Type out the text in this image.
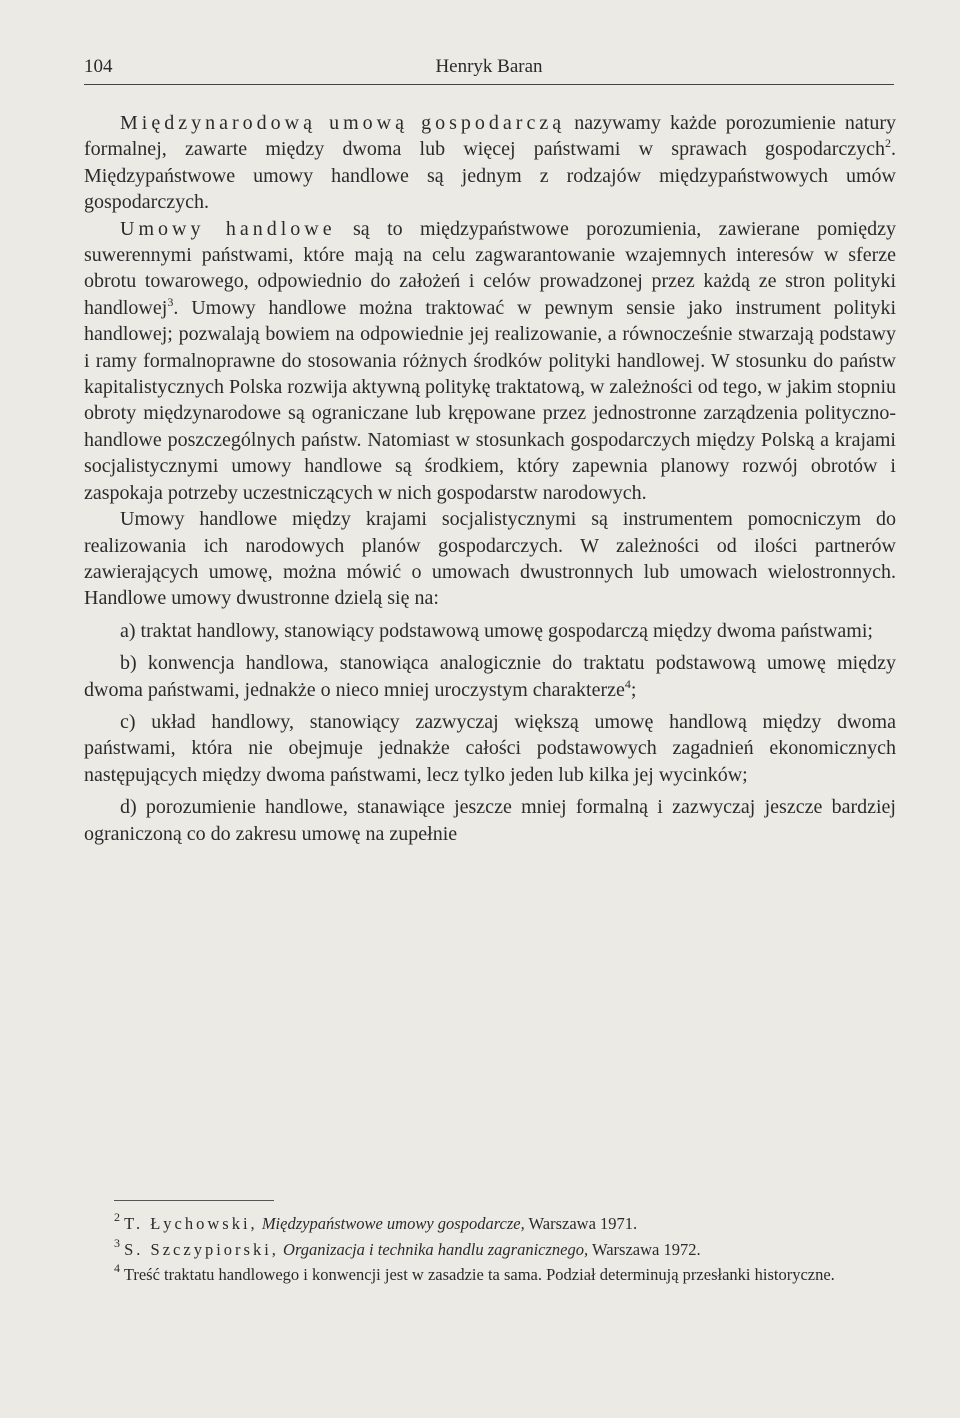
104	Henryk Baran

Międzynarodową umową gospodarczą nazywamy każde porozumienie natury formalnej, zawarte między dwoma lub więcej państwami w sprawach gospodarczych$^2$. Międzypaństwowe umowy handlowe są jednym z rodzajów międzypaństwowych umów gospodarczych.

Umowy handlowe są to międzypaństwowe porozumienia, zawierane pomiędzy suwerennymi państwami, które mają na celu zagwarantowanie wzajemnych interesów w sferze obrotu towarowego, odpowiednio do założeń i celów prowadzonej przez każdą ze stron polityki handlowej$^3$. Umowy handlowe można traktować w pewnym sensie jako instrument polityki handlowej; pozwalają bowiem na odpowiednie jej realizowanie, a równocześnie stwarzają podstawy i ramy formalnoprawne do stosowania różnych środków polityki handlowej. W stosunku do państw kapitalistycznych Polska rozwija aktywną politykę traktatową, w zależności od tego, w jakim stopniu obroty międzynarodowe są ograniczane lub krępowane przez jednostronne zarządzenia polityczno-handlowe poszczególnych państw. Natomiast w stosunkach gospodarczych między Polską a krajami socjalistycznymi umowy handlowe są środkiem, który zapewnia planowy rozwój obrotów i zaspokaja potrzeby uczestniczących w nich gospodarstw narodowych.

Umowy handlowe między krajami socjalistycznymi są instrumentem pomocniczym do realizowania ich narodowych planów gospodarczych. W zależności od ilości partnerów zawierających umowę, można mówić o umowach dwustronnych lub umowach wielostronnych. Handlowe umowy dwustronne dzielą się na:

a) traktat handlowy, stanowiący podstawową umowę gospodarczą między dwoma państwami;

b) konwencja handlowa, stanowiąca analogicznie do traktatu podstawową umowę między dwoma państwami, jednakże o nieco mniej uroczystym charakterze$^4$;

c) układ handlowy, stanowiący zazwyczaj większą umowę handlową między dwoma państwami, która nie obejmuje jednakże całości podstawowych zagadnień ekonomicznych następujących między dwoma państwami, lecz tylko jeden lub kilka jej wycinków;

d) porozumienie handlowe, stanawiące jeszcze mniej formalną i zazwyczaj jeszcze bardziej ograniczoną co do zakresu umowę na zupełnie

$^2$ T. Łychowski, Międzypaństwowe umowy gospodarcze, Warszawa 1971.

$^3$ S. Szczypiorski, Organizacja i technika handlu zagranicznego, Warszawa 1972.

$^4$ Treść traktatu handlowego i konwencji jest w zasadzie ta sama. Podział determinują przesłanki historyczne.
